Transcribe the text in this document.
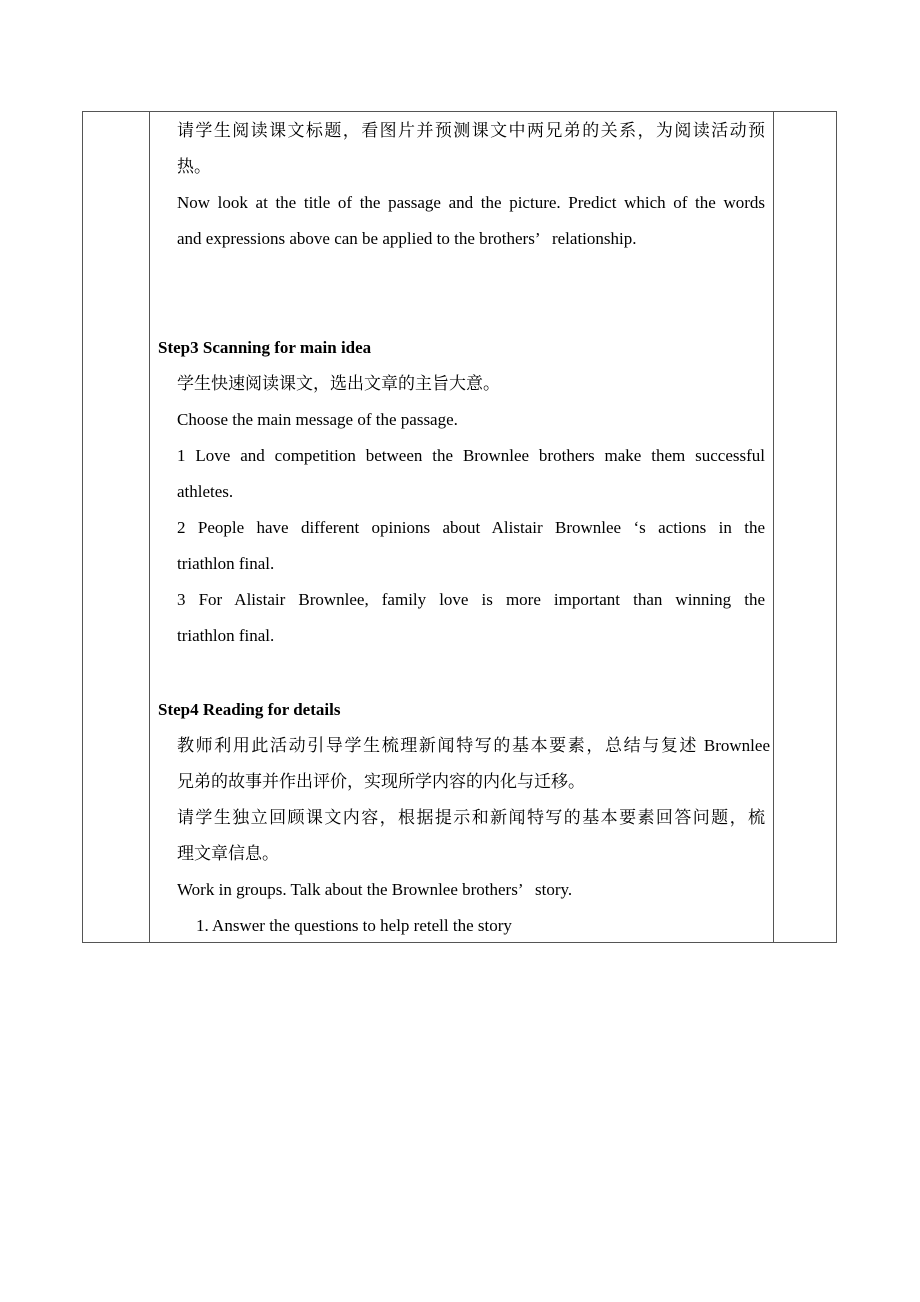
请学生阅读课文标题，看图片并预测课文中两兄弟的关系，为阅读活动预
热。
Now look at the title of the passage and the picture. Predict which of the words
and expressions above can be applied to the brothers’   relationship.
Step3 Scanning for main idea
学生快速阅读课文，选出文章的主旨大意。
Choose the main message of the passage.
1 Love and competition between the Brownlee brothers make them successful
athletes.
2 People have different opinions about Alistair Brownlee ‘s actions in the
triathlon final.
3 For Alistair Brownlee, family love is more important than winning the
triathlon final.
Step4 Reading for details
教师利用此活动引导学生梳理新闻特写的基本要素，总结与复述 Brownlee
兄弟的故事并作出评价，实现所学内容的内化与迁移。
请学生独立回顾课文内容，根据提示和新闻特写的基本要素回答问题，梳
理文章信息。
Work in groups. Talk about the Brownlee brothers’   story.
1. Answer the questions to help retell the story
